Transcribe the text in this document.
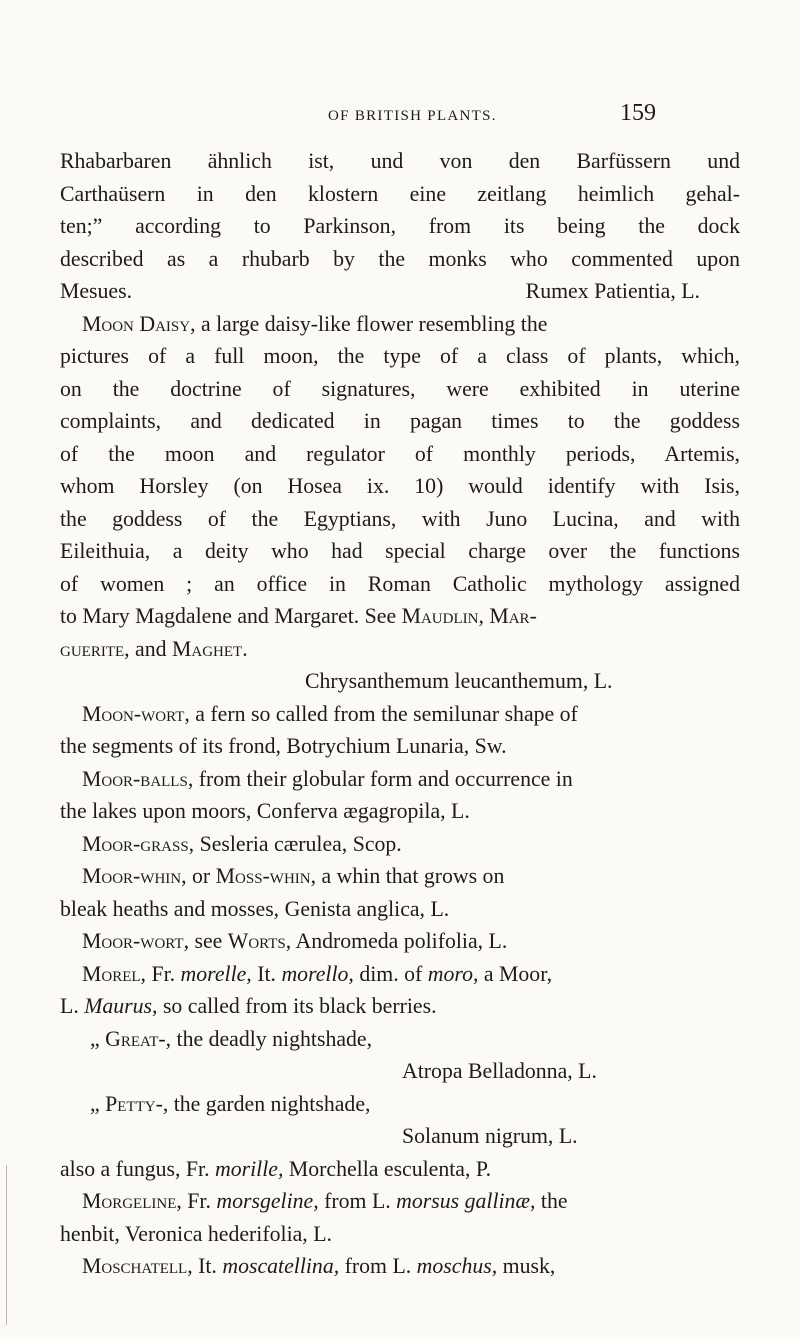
OF BRITISH PLANTS.	159
Rhabarbaren ähnlich ist, und von den Barfüssern und
Carthaüsern in den klostern eine zeitlang heimlich gehal-
ten;” according to Parkinson, from its being the dock
described as a rhubarb by the monks who commented upon
Mesues.	Rumex Patientia, L.
Moon Daisy, a large daisy-like flower resembling the
pictures of a full moon, the type of a class of plants, which,
on the doctrine of signatures, were exhibited in uterine
complaints, and dedicated in pagan times to the goddess
of the moon and regulator of monthly periods, Artemis,
whom Horsley (on Hosea ix. 10) would identify with Isis,
the goddess of the Egyptians, with Juno Lucina, and with
Eileithuia, a deity who had special charge over the functions
of women ; an office in Roman Catholic mythology assigned
to Mary Magdalene and Margaret. See Maudlin, Mar-
guerite, and Maghet.
Chrysanthemum leucanthemum, L.
Moon-wort, a fern so called from the semilunar shape of
the segments of its frond, Botrychium Lunaria, Sw.
Moor-balls, from their globular form and occurrence in
the lakes upon moors, Conferva ægagropila, L.
Moor-grass, Sesleria cærulea, Scop.
Moor-whin, or Moss-whin, a whin that grows on
bleak heaths and mosses, Genista anglica, L.
Moor-wort, see Worts, Andromeda polifolia, L.
Morel, Fr. morelle, It. morello, dim. of moro, a Moor,
L. Maurus, so called from its black berries.
„ Great-, the deadly nightshade,
Atropa Belladonna, L.
„ Petty-, the garden nightshade,
Solanum nigrum, L.
also a fungus, Fr. morille, Morchella esculenta, P.
Morgeline, Fr. morsgeline, from L. morsus gallinæ, the
henbit, Veronica hederifolia, L.
Moschatell, It. moscatellina, from L. moschus, musk,
